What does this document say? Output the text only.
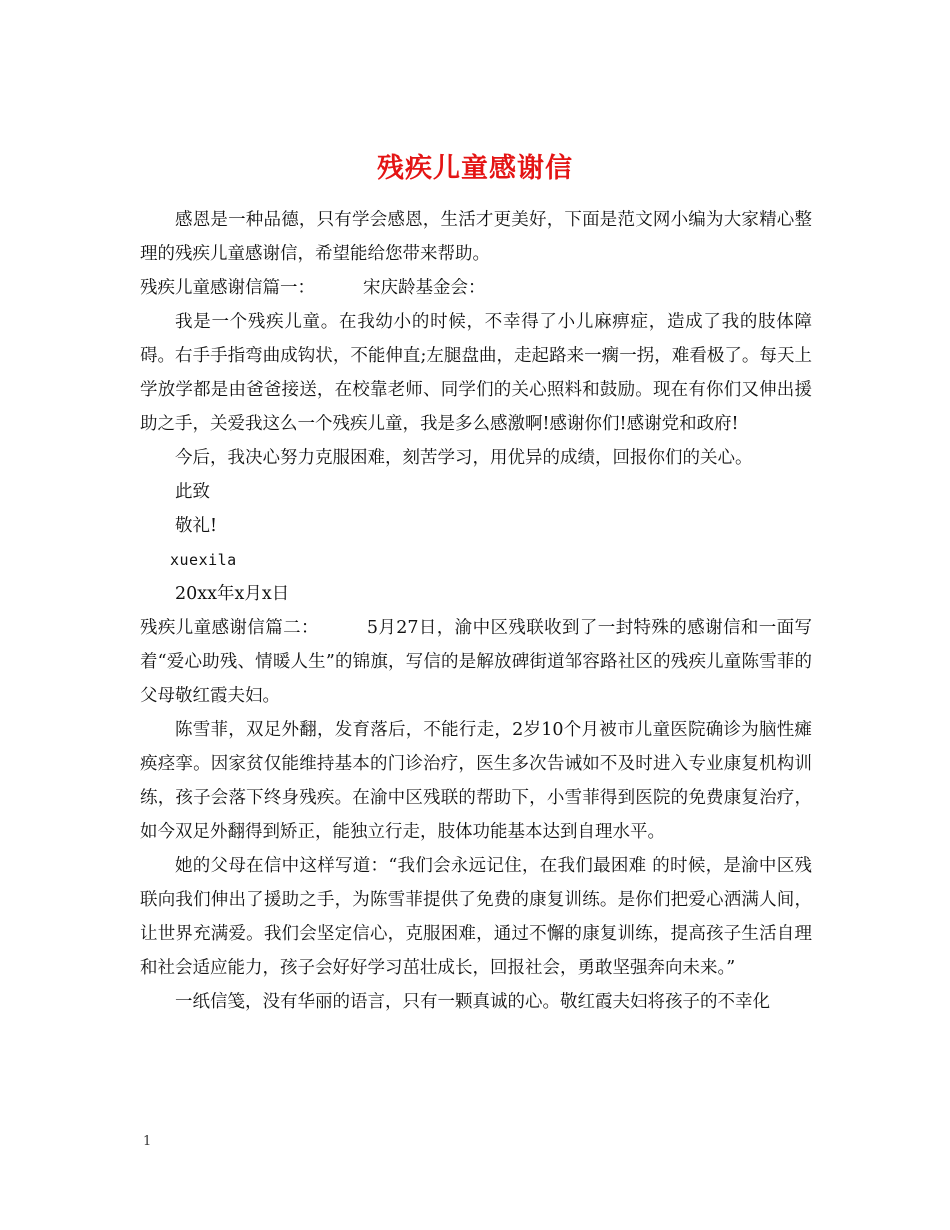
残疾儿童感谢信

感恩是一种品德，只有学会感恩，生活才更美好，下面是范文网小编为大家精心整理的残疾儿童感谢信，希望能给您带来帮助。

残疾儿童感谢信篇一：	宋庆龄基金会：

我是一个残疾儿童。在我幼小的时候，不幸得了小儿麻痹症，造成了我的肢体障碍。右手手指弯曲成钩状，不能伸直;左腿盘曲，走起路来一瘸一拐，难看极了。每天上学放学都是由爸爸接送，在校靠老师、同学们的关心照料和鼓励。现在有你们又伸出援助之手，关爱我这么一个残疾儿童，我是多么感激啊!感谢你们!感谢党和政府!

今后，我决心努力克服困难，刻苦学习，用优异的成绩，回报你们的关心。

此致

敬礼!

xuexila

20xx年x月x日

残疾儿童感谢信篇二：	5月27日，渝中区残联收到了一封特殊的感谢信和一面写着“爱心助残、情暖人生”的锦旗，写信的是解放碑街道邹容路社区的残疾儿童陈雪菲的父母敬红霞夫妇。

陈雪菲，双足外翻，发育落后，不能行走，2岁10个月被市儿童医院确诊为脑性瘫痪痉挛。因家贫仅能维持基本的门诊治疗，医生多次告诫如不及时进入专业康复机构训练，孩子会落下终身残疾。在渝中区残联的帮助下，小雪菲得到医院的免费康复治疗，如今双足外翻得到矫正，能独立行走，肢体功能基本达到自理水平。

她的父母在信中这样写道：“我们会永远记住，在我们最困难 的时候，是渝中区残联向我们伸出了援助之手，为陈雪菲提供了免费的康复训练。是你们把爱心洒满人间，让世界充满爱。我们会坚定信心，克服困难，通过不懈的康复训练，提高孩子生活自理和社会适应能力，孩子会好好学习茁壮成长，回报社会，勇敢坚强奔向未来。”

一纸信笺，没有华丽的语言，只有一颗真诚的心。敬红霞夫妇将孩子的不幸化

1
